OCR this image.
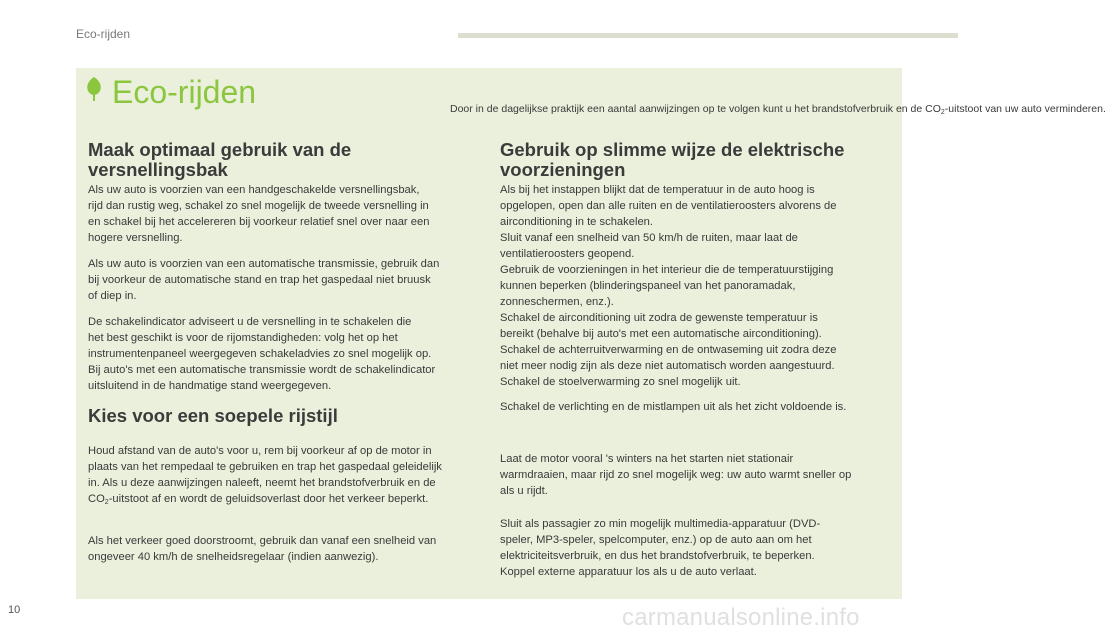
Eco-rijden
Eco-rijden	Door in de dagelijkse praktijk een aantal aanwijzingen op te volgen kunt u het brandstofverbruik en de $CO_2$-uitstoot van uw auto verminderen.
Maak optimaal gebruik van de
versnellingsbak

Als uw auto is voorzien van een handgeschakelde versnellingsbak,
rijd dan rustig weg, schakel zo snel mogelijk de tweede versnelling in
en schakel bij het accelereren bij voorkeur relatief snel over naar een
hogere versnelling.

Als uw auto is voorzien van een automatische transmissie, gebruik dan
bij voorkeur de automatische stand en trap het gaspedaal niet bruusk
of diep in.

De schakelindicator adviseert u de versnelling in te schakelen die
het best geschikt is voor de rijomstandigheden: volg het op het
instrumentenpaneel weergegeven schakeladvies zo snel mogelijk op.
Bij auto's met een automatische transmissie wordt de schakelindicator
uitsluitend in de handmatige stand weergegeven.

Kies voor een soepele rijstijl

Houd afstand van de auto's voor u, rem bij voorkeur af op de motor in
plaats van het rempedaal te gebruiken en trap het gaspedaal geleidelijk
in. Als u deze aanwijzingen naleeft, neemt het brandstofverbruik en de
$CO_2$-uitstoot af en wordt de geluidsoverlast door het verkeer beperkt.

Als het verkeer goed doorstroomt, gebruik dan vanaf een snelheid van
ongeveer 40 km/h de snelheidsregelaar (indien aanwezig).

Gebruik op slimme wijze de elektrische
voorzieningen

Als bij het instappen blijkt dat de temperatuur in de auto hoog is
opgelopen, open dan alle ruiten en de ventilatieroosters alvorens de
airconditioning in te schakelen.
Sluit vanaf een snelheid van 50 km/h de ruiten, maar laat de
ventilatieroosters geopend.
Gebruik de voorzieningen in het interieur die de temperatuurstijging
kunnen beperken (blinderingspaneel van het panoramadak,
zonneschermen, enz.).
Schakel de airconditioning uit zodra de gewenste temperatuur is
bereikt (behalve bij auto's met een automatische airconditioning).
Schakel de achterruitverwarming en de ontwaseming uit zodra deze
niet meer nodig zijn als deze niet automatisch worden aangestuurd.
Schakel de stoelverwarming zo snel mogelijk uit.

Schakel de verlichting en de mistlampen uit als het zicht voldoende is.

Laat de motor vooral 's winters na het starten niet stationair
warmdraaien, maar rijd zo snel mogelijk weg: uw auto warmt sneller op
als u rijdt.

Sluit als passagier zo min mogelijk multimedia-apparatuur (DVD-
speler, MP3-speler, spelcomputer, enz.) op de auto aan om het
elektriciteitsverbruik, en dus het brandstofverbruik, te beperken.
Koppel externe apparatuur los als u de auto verlaat.

10	carmanualsonline.info
